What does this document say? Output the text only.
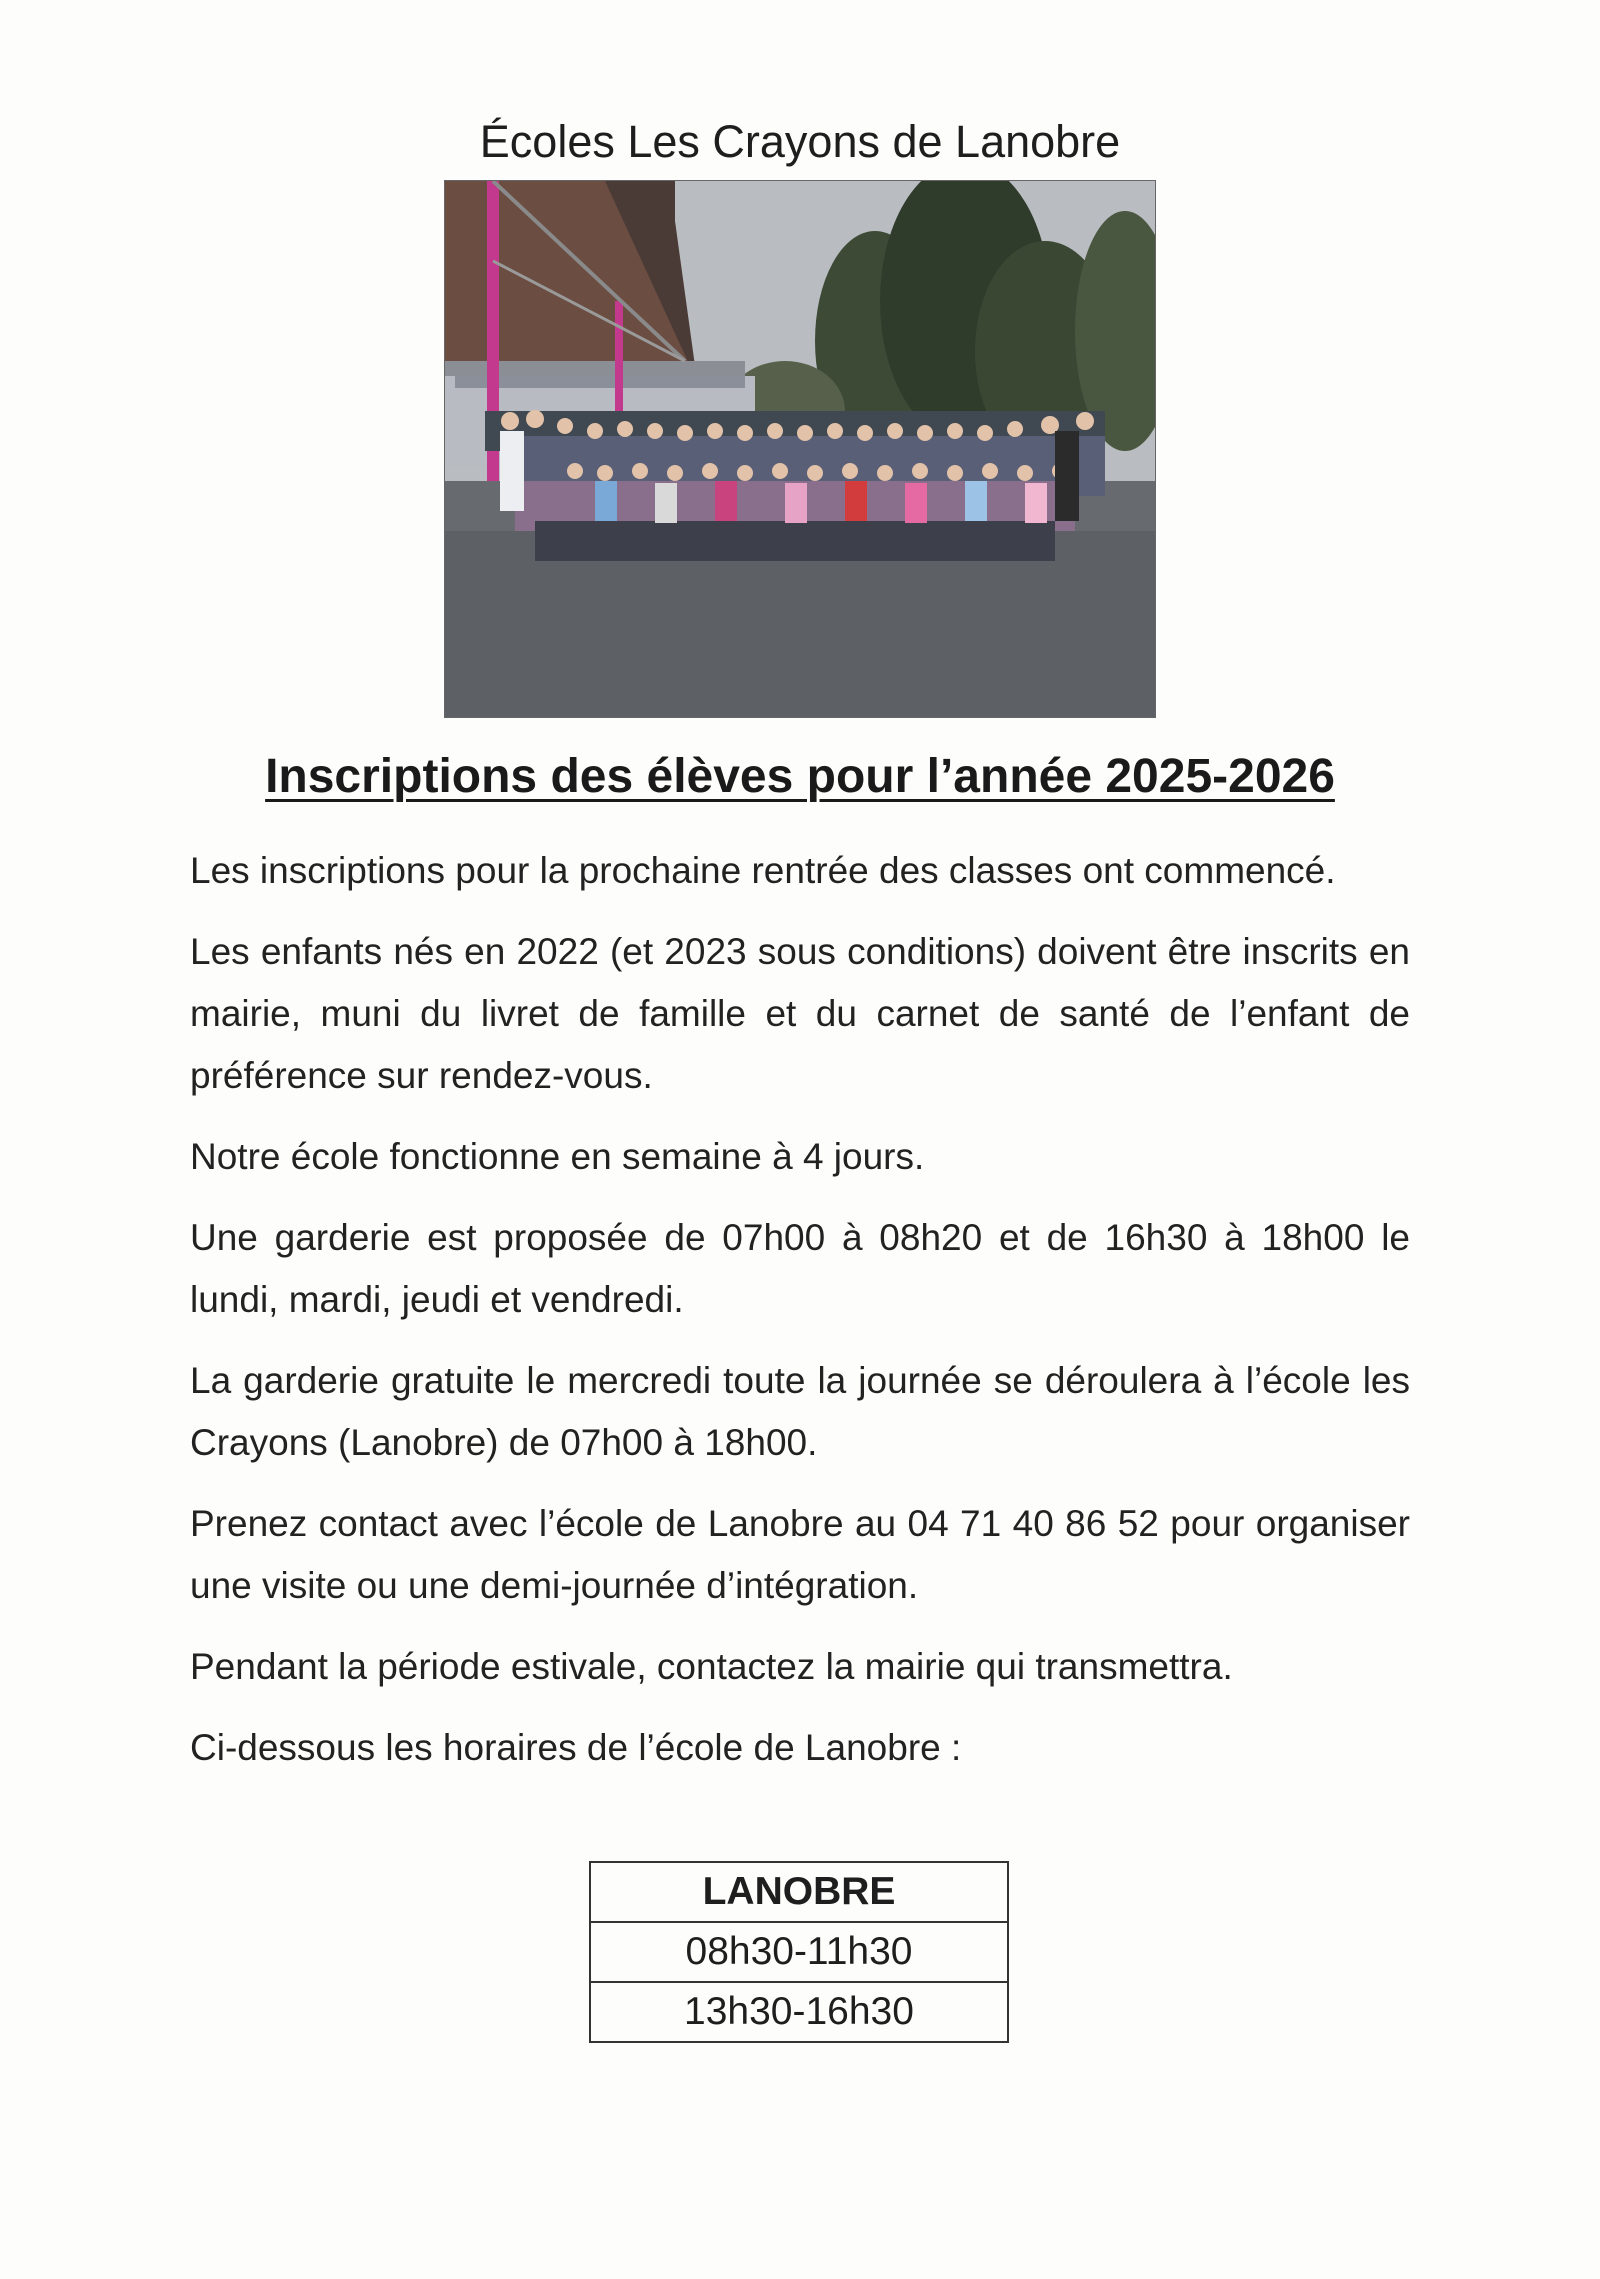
Écoles Les Crayons de Lanobre
Inscriptions des élèves pour l’année 2025-2026

Les inscriptions pour la prochaine rentrée des classes ont commencé.

Les enfants nés en 2022 (et 2023 sous conditions) doivent être inscrits en mairie, muni du livret de famille et du carnet de santé de l’enfant de préférence sur rendez-vous.

Notre école fonctionne en semaine à 4 jours.

Une garderie est proposée de 07h00 à 08h20 et de 16h30 à 18h00 le lundi, mardi, jeudi et vendredi.

La garderie gratuite le mercredi toute la journée se déroulera à l’école les Crayons (Lanobre) de 07h00 à 18h00.

Prenez contact avec l’école de Lanobre au 04 71 40 86 52 pour organiser une visite ou une demi-journée d’intégration.

Pendant la période estivale, contactez la mairie qui transmettra.

Ci-dessous les horaires de l’école de Lanobre :

LANOBRE
08h30-11h30
13h30-16h30
